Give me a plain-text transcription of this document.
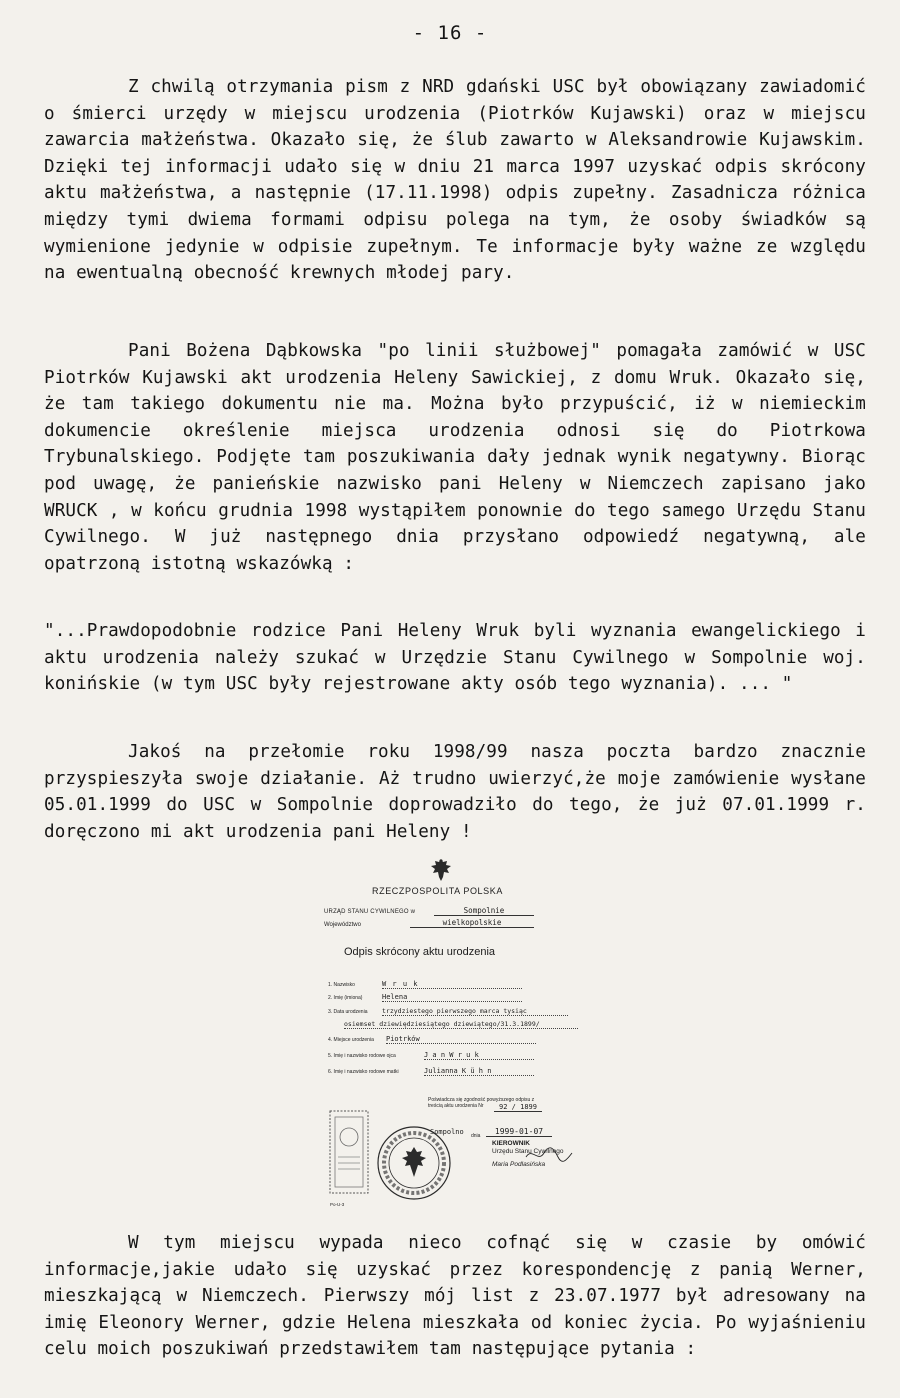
- 16 -

Z chwilą otrzymania pism z NRD gdański USC był obowiązany zawiadomić o śmierci urzędy w miejscu urodzenia (Piotrków Kujawski) oraz w miejscu zawarcia małżeństwa. Okazało się, że ślub zawarto w Aleksandrowie Kujawskim. Dzięki tej informacji udało się w dniu 21 marca 1997 uzyskać odpis skrócony aktu małżeństwa, a następnie (17.11.1998) odpis zupełny. Zasadnicza różnica między tymi dwiema formami odpisu polega na tym, że osoby świadków są wymienione jedynie w odpisie zupełnym. Te informacje były ważne ze względu na ewentualną obecność krewnych młodej pary.

Pani Bożena Dąbkowska "po linii służbowej" pomagała zamówić w USC Piotrków Kujawski akt urodzenia Heleny Sawickiej, z domu Wruk. Okazało się, że tam takiego dokumentu nie ma. Można było przypuścić, iż w niemieckim dokumencie określenie miejsca urodzenia odnosi się do Piotrkowa Trybunalskiego. Podjęte tam poszukiwania dały jednak wynik negatywny. Biorąc pod uwagę, że panieńskie nazwisko pani Heleny w Niemczech zapisano jako WRUCK , w końcu grudnia 1998 wystąpiłem ponownie do tego samego Urzędu Stanu Cywilnego. W już następnego dnia przysłano odpowiedź negatywną, ale opatrzoną istotną wskazówką :

"...Prawdopodobnie rodzice Pani Heleny Wruk byli wyznania ewangelickiego i aktu urodzenia należy szukać w Urzędzie Stanu Cywilnego w Sompolnie woj. konińskie (w tym USC były rejestrowane akty osób tego wyznania). ... "

Jakoś na przełomie roku 1998/99 nasza poczta bardzo znacznie przyspieszyła swoje działanie. Aż trudno uwierzyć,że moje zamówienie wysłane 05.01.1999 do USC w Sompolnie doprowadziło do tego, że już 07.01.1999 r. doręczono mi akt urodzenia pani Heleny !

RZECZPOSPOLITA POLSKA
URZĄD STANU CYWILNEGO w	Sompolnie
Województwo	wielkopolskie
Odpis skrócony aktu urodzenia
1. Nazwisko	W r u k
2. Imię (imiona)	Helena
3. Data urodzenia trzydziestego pierwszego marca tysiąc
osiemset dziewiędziesiątego dziewiątego/31.3.1899/
4. Miejsce urodzenia Piotrków
5. Imię i nazwisko rodowe ojca	J a n W r u k
6. Imię i nazwisko rodowe matki	Julianna K ü h n
Poświadcza się zgodność powyższego odpisu z treścią aktu urodzenia Nr	92 / 1899
Sompolno dnia	1999-01-07
KIEROWNIK
Urzędu Stanu Cywilnego
Maria Podlasińska
Po-U-3

W tym miejscu wypada nieco cofnąć się w czasie by omówić informacje,jakie udało się uzyskać przez korespondencję z panią Werner, mieszkającą w Niemczech. Pierwszy mój list z 23.07.1977 był adresowany na imię Eleonory Werner, gdzie Helena mieszkała od koniec życia. Po wyjaśnieniu celu moich poszukiwań przedstawiłem tam następujące pytania :
